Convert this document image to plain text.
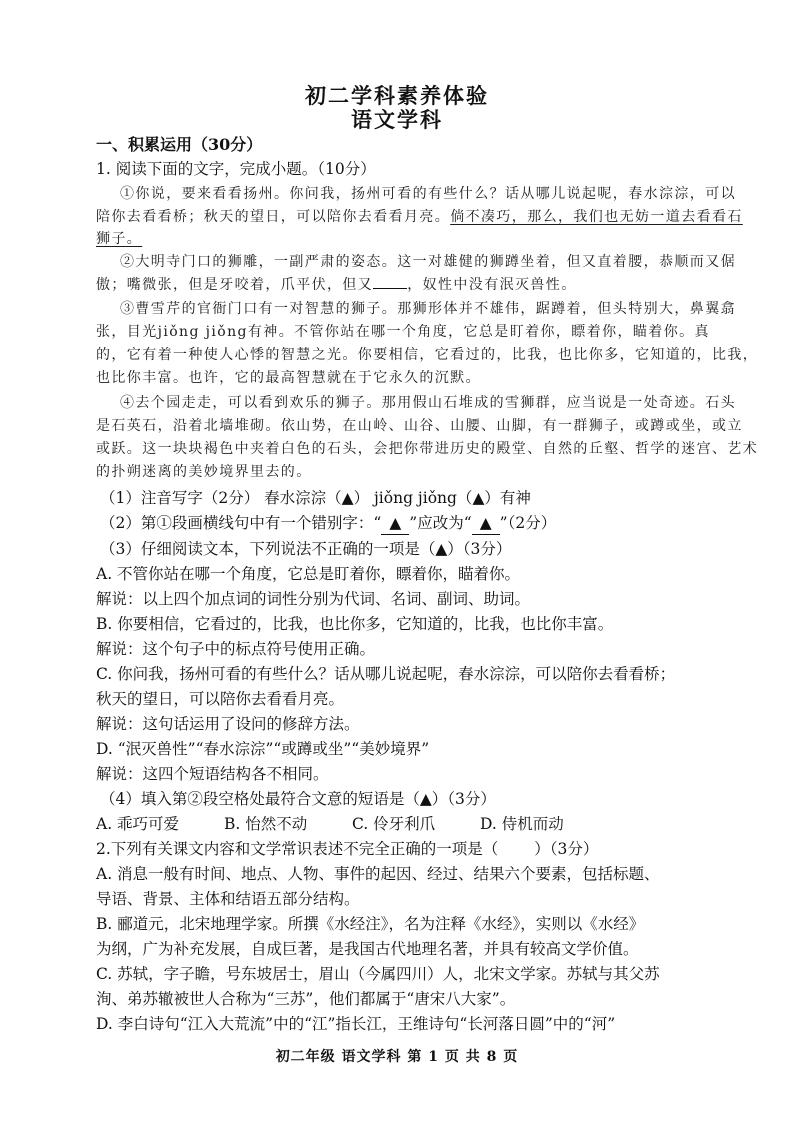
初二学科素养体验
语文学科
一、积累运用（30分）
1. 阅读下面的文字，完成小题。（10分）
①你说，要来看看扬州。你问我，扬州可看的有些什么？话从哪儿说起呢，春水淙淙，可以
陪你去看看桥；秋天的望日，可以陪你去看看月亮。倘不凑巧，那么，我们也无妨一道去看看石
狮子。
②大明寺门口的狮雕，一副严肃的姿态。这一对雄健的狮蹲坐着，但又直着腰，恭顺而又倨
傲；嘴微张，但是牙咬着，爪平伏，但又 ，奴性中没有泯灭兽性。
③曹雪芹的官衙门口有一对智慧的狮子。那狮形体并不雄伟，踞蹲着，但头特别大，鼻翼翕
张，目光jiǒng jiǒng有神。不管你站在哪一个角度，它总是盯着你，瞟着你，瞄着你。真
的，它有着一种使人心悸的智慧之光。你要相信，它看过的，比我，也比你多，它知道的，比我，
也比你丰富。也许，它的最高智慧就在于它永久的沉默。
④去个园走走，可以看到欢乐的狮子。那用假山石堆成的雪狮群，应当说是一处奇迹。石头
是石英石，沿着北墙堆砌。依山势，在山岭、山谷、山腰、山脚，有一群狮子，或蹲或坐，或立
或跃。这一块块褐色中夹着白色的石头，会把你带进历史的殿堂、自然的丘壑、哲学的迷宫、艺术
的扑朔迷离的美妙境界里去的。
（1）注音写字（2分） 春水淙淙（▲） jiǒng jiǒng（▲）有神
（2）第①段画横线句中有一个错别字：“ ▲ ”应改为“ ▲ ”（2分）
（3）仔细阅读文本，下列说法不正确的一项是（▲）（3分）
A. 不管你站在哪一个角度，它总是盯着你，瞟着你，瞄着你。
解说：以上四个加点词的词性分别为代词、名词、副词、助词。
B. 你要相信，它看过的，比我，也比你多，它知道的，比我，也比你丰富。
解说：这个句子中的标点符号使用正确。
C. 你问我，扬州可看的有些什么？话从哪儿说起呢，春水淙淙，可以陪你去看看桥；
秋天的望日，可以陪你去看看月亮。
解说：这句话运用了设问的修辞方法。
D. “泯灭兽性”“春水淙淙”“或蹲或坐”“美妙境界”
解说：这四个短语结构各不相同。
（4）填入第②段空格处最符合文意的短语是（▲）（3分）
A. 乖巧可爱	B. 怡然不动	C. 伶牙利爪	D. 侍机而动
2.下列有关课文内容和文学常识表述不完全正确的一项是（ ）（3分）
A. 消息一般有时间、地点、人物、事件的起因、经过、结果六个要素，包括标题、
导语、背景、主体和结语五部分结构。
B. 郦道元，北宋地理学家。所撰《水经注》，名为注释《水经》，实则以《水经》
为纲，广为补充发展，自成巨著，是我国古代地理名著，并具有较高文学价值。
C. 苏轼，字子瞻，号东坡居士，眉山（今属四川）人，北宋文学家。苏轼与其父苏
洵、弟苏辙被世人合称为“三苏”，他们都属于“唐宋八大家”。
D. 李白诗句“江入大荒流”中的“江”指长江，王维诗句“长河落日圆”中的“河”
初二年级 语文学科 第 1 页 共 8 页
